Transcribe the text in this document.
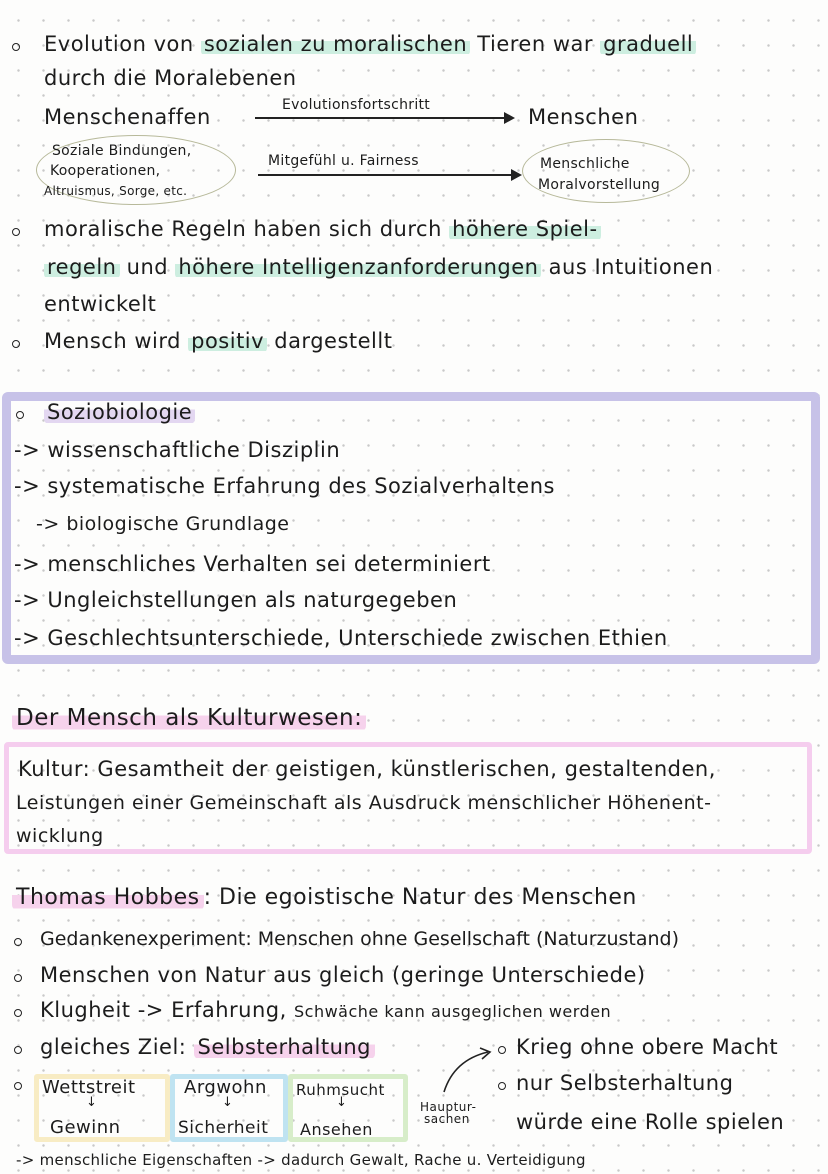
Evolution von sozialen zu moralischen Tieren war graduell
durch die Moralebenen
Menschenaffen	Evolutionsfortschritt	Menschen
Soziale Bindungen,
Kooperationen,
Altruismus, Sorge, etc.
Mitgefühl u. Fairness	Menschliche
Moralvorstellung
moralische Regeln haben sich durch höhere Spiel-
regeln und höhere Intelligenzanforderungen aus Intuitionen
entwickelt
Mensch wird positiv dargestellt
Soziobiologie
-> wissenschaftliche Disziplin
-> systematische Erfahrung des Sozialverhaltens
-> biologische Grundlage
-> menschliches Verhalten sei determiniert
-> Ungleichstellungen als naturgegeben
-> Geschlechtsunterschiede, Unterschiede zwischen Ethien
Der Mensch als Kulturwesen:
Kultur: Gesamtheit der geistigen, künstlerischen, gestaltenden,
Leistungen einer Gemeinschaft als Ausdruck menschlicher Höhenent-
wicklung
Thomas Hobbes : Die egoistische Natur des Menschen
Gedankenexperiment: Menschen ohne Gesellschaft (Naturzustand)
Menschen von Natur aus gleich (geringe Unterschiede)
Klugheit -> Erfahrung, Schwäche kann ausgeglichen werden
gleiches Ziel: Selbsterhaltung	Krieg ohne obere Macht
nur Selbsterhaltung
würde eine Rolle spielen
Wettstreit
↓
Gewinn
Argwohn
↓
Sicherheit
Ruhmsucht
↓
Ansehen
Hauptur-
sachen
-> menschliche Eigenschaften -> dadurch Gewalt, Rache u. Verteidigung
